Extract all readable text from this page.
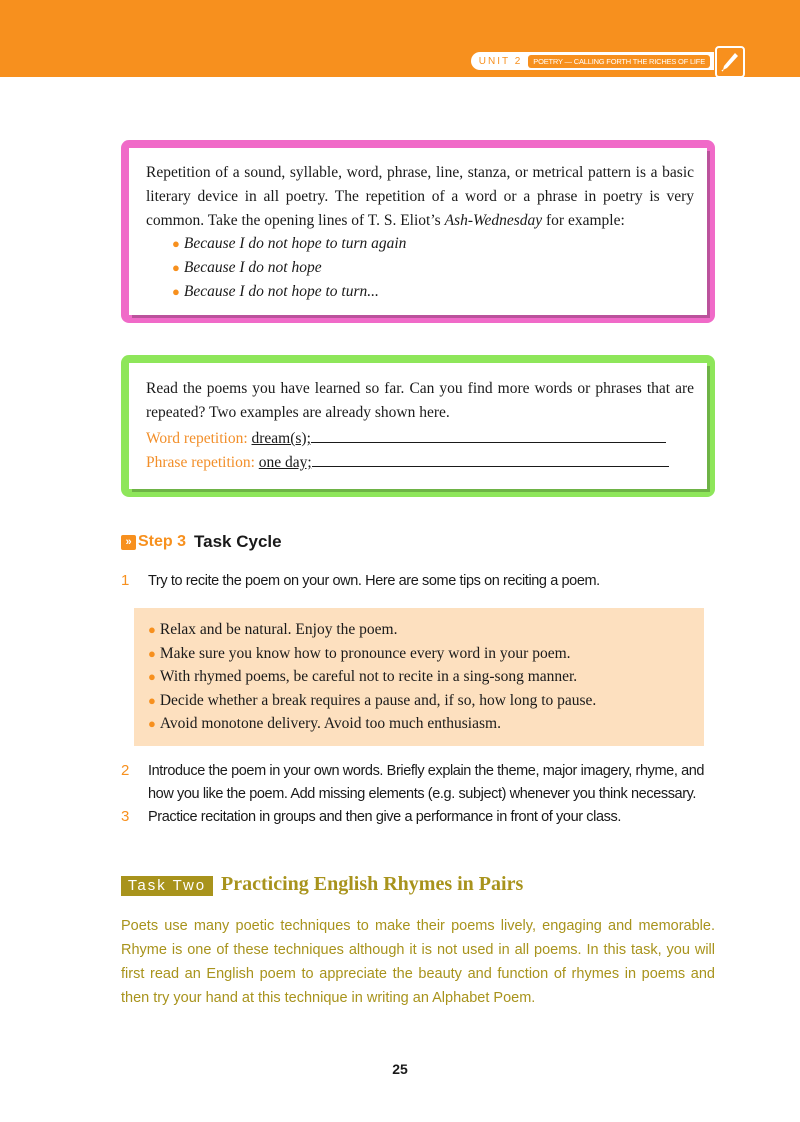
UNIT 2	POETRY — CALLING FORTH THE RICHES OF LIFE
Repetition of a sound, syllable, word, phrase, line, stanza, or metrical pattern is a basic literary device in all poetry. The repetition of a word or a phrase in poetry is very common. Take the opening lines of T. S. Eliot’s Ash-Wednesday for example:
● Because I do not hope to turn again
● Because I do not hope
● Because I do not hope to turn...
Read the poems you have learned so far. Can you find more words or phrases that are repeated? Two examples are already shown here.
Word repetition: dream(s);
Phrase repetition: one day;
» Step 3 Task Cycle
1 Try to recite the poem on your own. Here are some tips on reciting a poem.
● Relax and be natural. Enjoy the poem.
● Make sure you know how to pronounce every word in your poem.
● With rhymed poems, be careful not to recite in a sing-song manner.
● Decide whether a break requires a pause and, if so, how long to pause.
● Avoid monotone delivery. Avoid too much enthusiasm.
2 Introduce the poem in your own words. Briefly explain the theme, major imagery, rhyme, and
how you like the poem. Add missing elements (e.g. subject) whenever you think necessary.
3 Practice recitation in groups and then give a performance in front of your class.
Task Two Practicing English Rhymes in Pairs
Poets use many poetic techniques to make their poems lively, engaging and memorable. Rhyme is one of these techniques although it is not used in all poems. In this task, you will first read an English poem to appreciate the beauty and function of rhymes in poems and then try your hand at this technique in writing an Alphabet Poem.
25
